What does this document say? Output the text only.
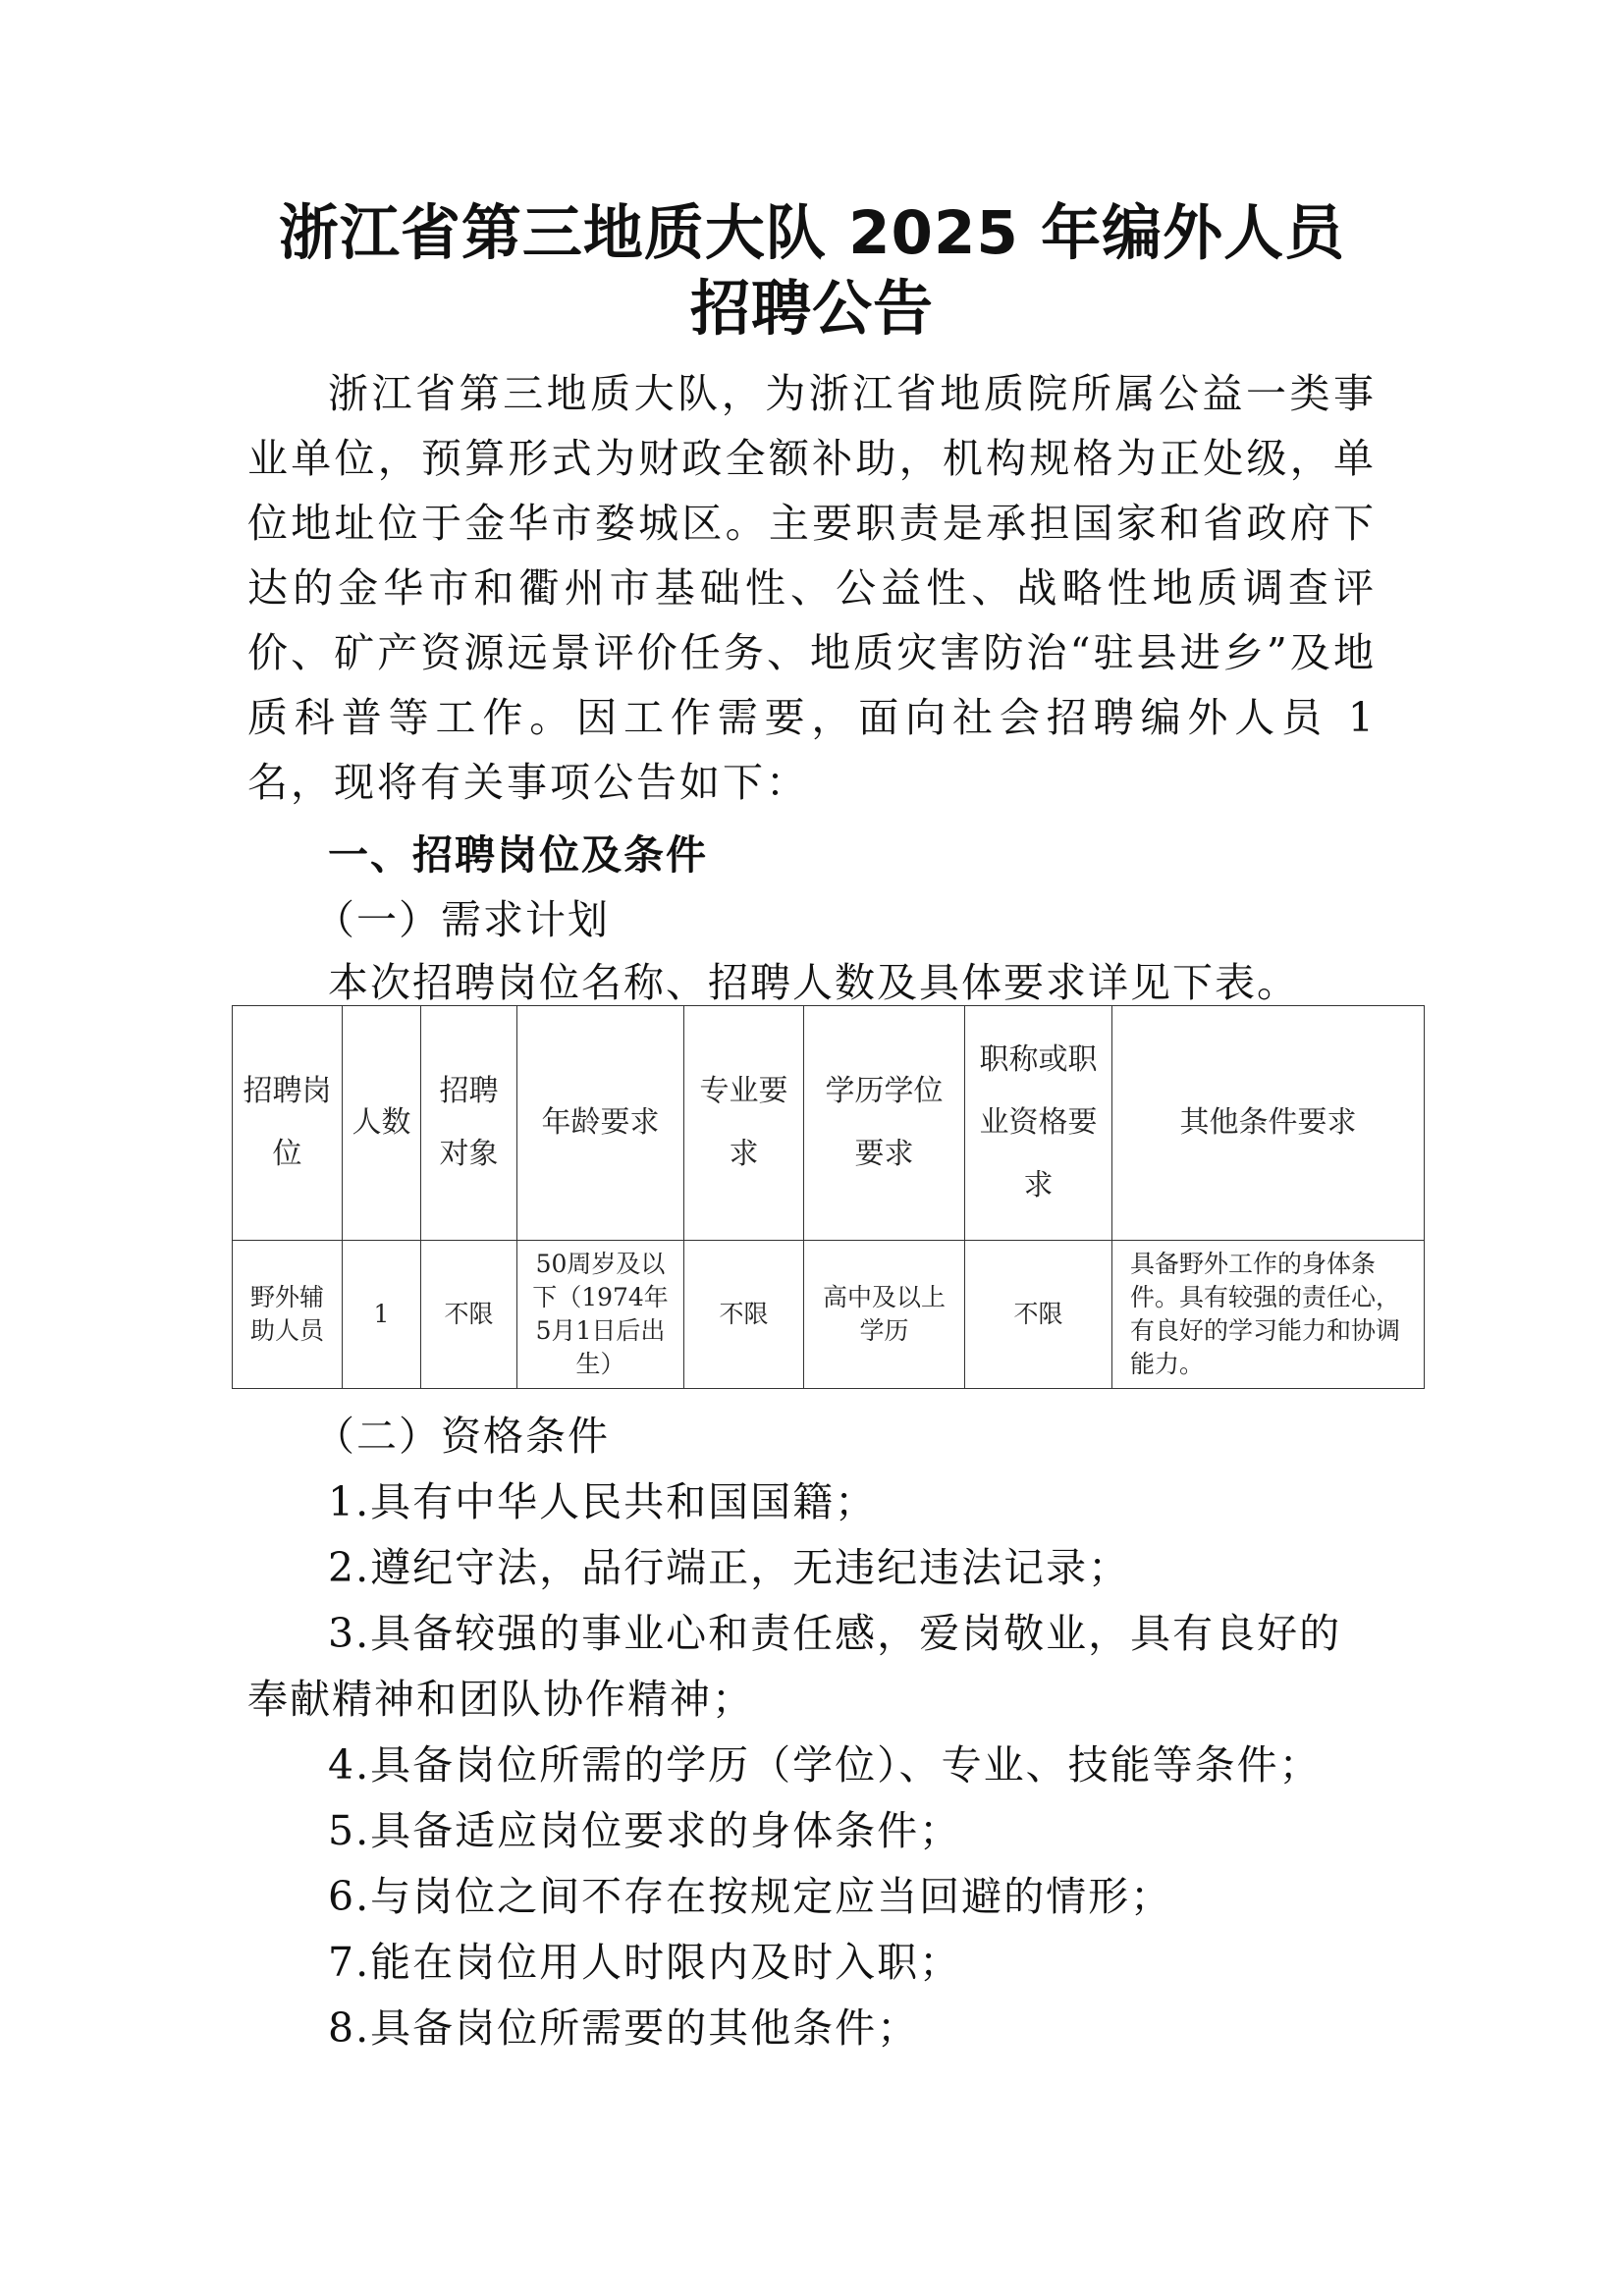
浙江省第三地质大队 2025 年编外人员
招聘公告
浙江省第三地质大队，为浙江省地质院所属公益一类事业单位，预算形式为财政全额补助，机构规格为正处级，单位地址位于金华市婺城区。主要职责是承担国家和省政府下达的金华市和衢州市基础性、公益性、战略性地质调查评价、矿产资源远景评价任务、地质灾害防治“驻县进乡”及地质科普等工作。因工作需要，面向社会招聘编外人员 1 名，现将有关事项公告如下：
一、招聘岗位及条件
（一）需求计划
本次招聘岗位名称、招聘人数及具体要求详见下表。
招聘岗位	人数	招聘对象	年龄要求	专业要求	学历学位要求	职称或职业资格要求	其他条件要求
野外辅助人员	1	不限	50周岁及以下（1974年5月1日后出生）	不限	高中及以上学历	不限	具备野外工作的身体条件。具有较强的责任心，有良好的学习能力和协调能力。
（二）资格条件
1.具有中华人民共和国国籍；
2.遵纪守法，品行端正，无违纪违法记录；
3.具备较强的事业心和责任感，爱岗敬业，具有良好的
奉献精神和团队协作精神；
4.具备岗位所需的学历（学位）、专业、技能等条件；
5.具备适应岗位要求的身体条件；
6.与岗位之间不存在按规定应当回避的情形；
7.能在岗位用人时限内及时入职；
8.具备岗位所需要的其他条件；
